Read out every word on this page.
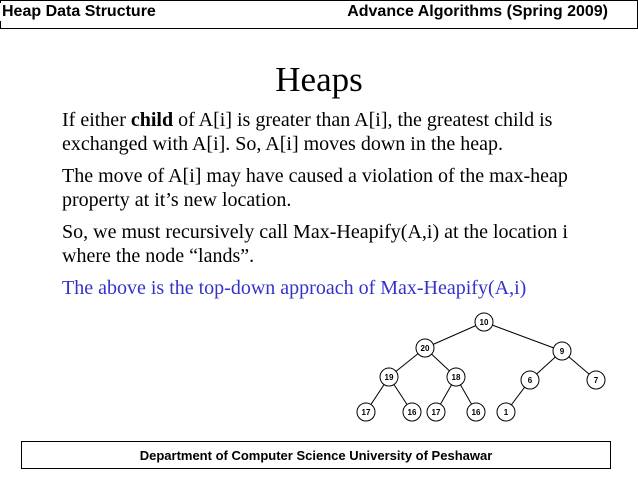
Heap Data Structure	Advance Algorithms (Spring 2009)
Heaps
If either child of A[i] is greater than A[i], the greatest child is exchanged with A[i]. So, A[i] moves down in the heap.
The move of A[i] may have caused a violation of the max-heap property at it’s new location.
So, we must recursively call Max-Heapify(A,i) at the location i where the node “lands”.
The above is the top-down approach of Max-Heapify(A,i)
10
20	9
19	18	6	7
17	16 17	16	1
Department of Computer Science University of Peshawar
